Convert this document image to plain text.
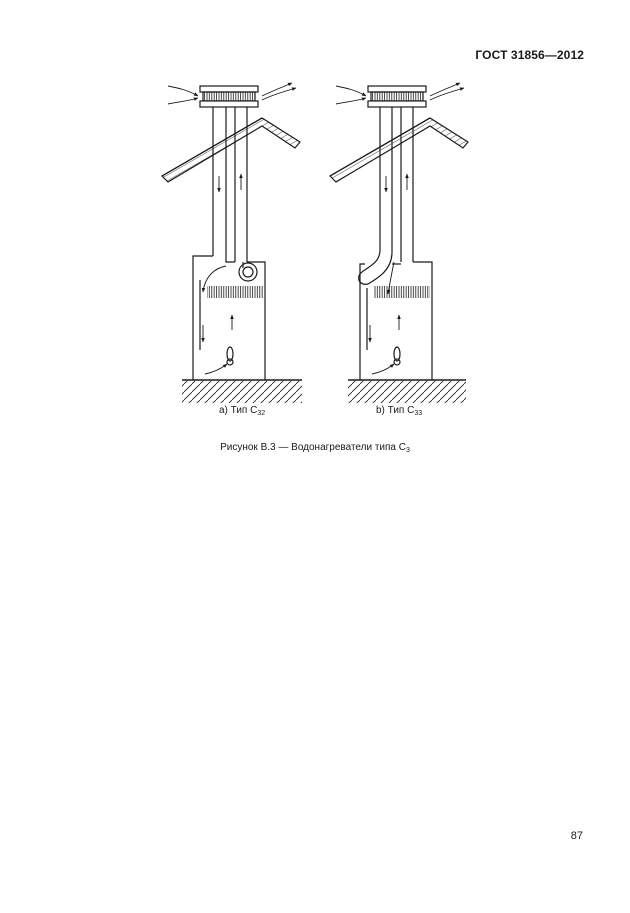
ГОСТ 31856—2012
a) Тип $С_{32}$	b) Тип $С_{33}$
Рисунок В.3 — Водонагреватели типа $С_3$
87
